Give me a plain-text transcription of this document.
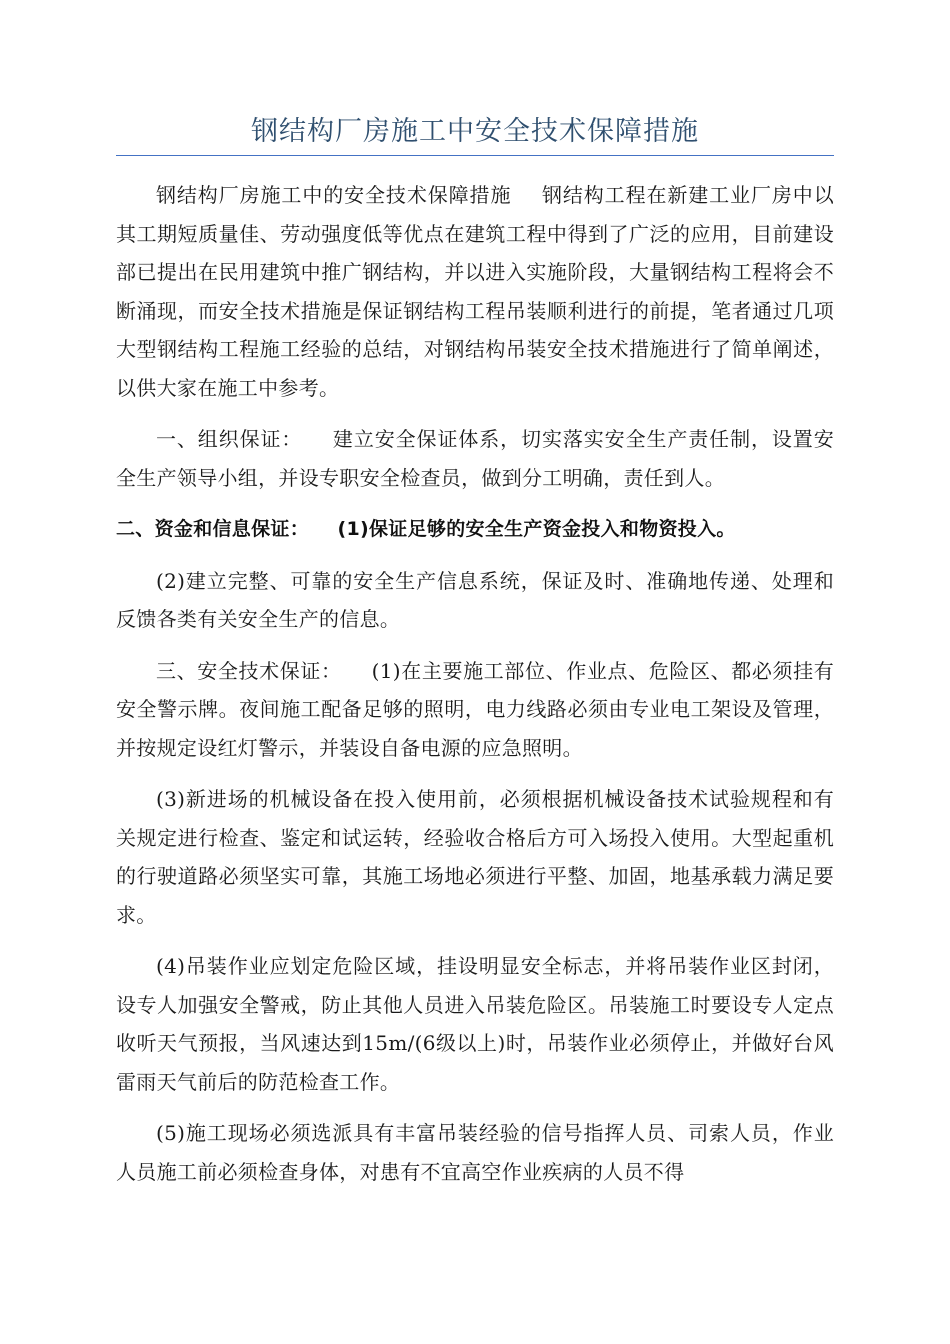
钢结构厂房施工中安全技术保障措施

钢结构厂房施工中的安全技术保障措施 钢结构工程在新建工业厂房中以其工期短质量佳、劳动强度低等优点在建筑工程中得到了广泛的应用，目前建设部已提出在民用建筑中推广钢结构，并以进入实施阶段，大量钢结构工程将会不断涌现，而安全技术措施是保证钢结构工程吊装顺利进行的前提，笔者通过几项大型钢结构工程施工经验的总结，对钢结构吊装安全技术措施进行了简单阐述，以供大家在施工中参考。

一、组织保证： 建立安全保证体系，切实落实安全生产责任制，设置安全生产领导小组，并设专职安全检查员，做到分工明确，责任到人。

二、资金和信息保证： (1)保证足够的安全生产资金投入和物资投入。

(2)建立完整、可靠的安全生产信息系统，保证及时、准确地传递、处理和反馈各类有关安全生产的信息。

三、安全技术保证： (1)在主要施工部位、作业点、危险区、都必须挂有安全警示牌。夜间施工配备足够的照明，电力线路必须由专业电工架设及管理，并按规定设红灯警示，并装设自备电源的应急照明。

(3)新进场的机械设备在投入使用前，必须根据机械设备技术试验规程和有关规定进行检查、鉴定和试运转，经验收合格后方可入场投入使用。大型起重机的行驶道路必须坚实可靠，其施工场地必须进行平整、加固，地基承载力满足要求。

(4)吊装作业应划定危险区域，挂设明显安全标志，并将吊装作业区封闭，设专人加强安全警戒，防止其他人员进入吊装危险区。吊装施工时要设专人定点收听天气预报，当风速达到15m/(6级以上)时，吊装作业必须停止，并做好台风雷雨天气前后的防范检查工作。

(5)施工现场必须选派具有丰富吊装经验的信号指挥人员、司索人员，作业人员施工前必须检查身体，对患有不宜高空作业疾病的人员不得
